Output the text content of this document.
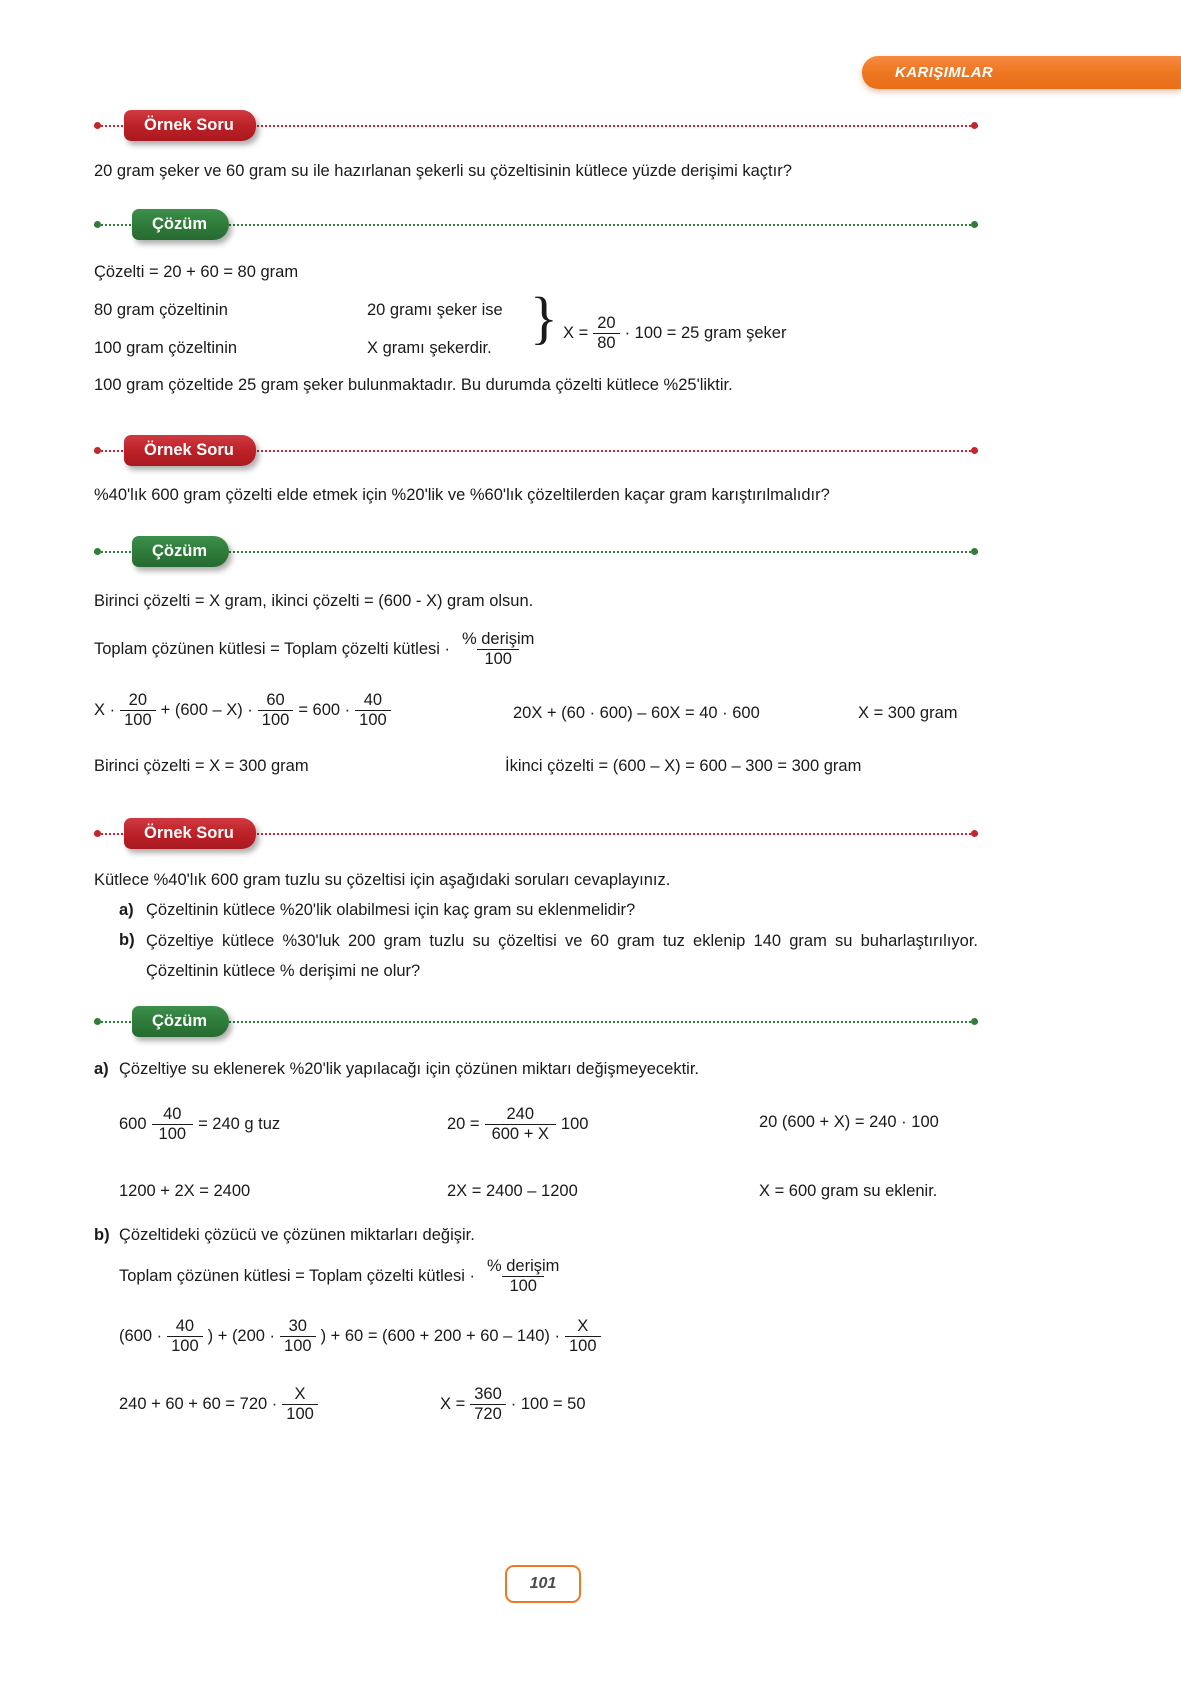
KARIŞIMLAR
Örnek Soru
20 gram şeker ve 60 gram su ile hazırlanan şekerli su çözeltisinin kütlece yüzde derişimi kaçtır?
Çözüm
Çözelti = 20 + 60 = 80 gram
80 gram çözeltinin	20 gramı şeker ise
100 gram çözeltinin	X gramı şekerdir. } $X = \frac{20}{80} \cdot 100 = 25$ gram şeker
100 gram çözeltide 25 gram şeker bulunmaktadır. Bu durumda çözelti kütlece %25'liktir.
Örnek Soru
%40'lık 600 gram çözelti elde etmek için %20'lik ve %60'lık çözeltilerden kaçar gram karıştırılmalıdır?
Çözüm
Birinci çözelti = X gram, ikinci çözelti = (600 - X) gram olsun.
Toplam çözünen kütlesi = Toplam çözelti kütlesi · $\frac{\text{\% derişim}}{100}$
$X \cdot \frac{20}{100} + (600 - X) \cdot \frac{60}{100} = 600 \cdot \frac{40}{100}$	20X + (60 · 600) – 60X = 40 · 600	X = 300 gram
Birinci çözelti = X = 300 gram	İkinci çözelti = (600 – X) = 600 – 300 = 300 gram
Örnek Soru
Kütlece %40'lık 600 gram tuzlu su çözeltisi için aşağıdaki soruları cevaplayınız.
a) Çözeltinin kütlece %20'lik olabilmesi için kaç gram su eklenmelidir?
b) Çözeltiye kütlece %30'luk 200 gram tuzlu su çözeltisi ve 60 gram tuz eklenip 140 gram su buharlaştırılıyor. Çözeltinin kütlece % derişimi ne olur?
Çözüm
a) Çözeltiye su eklenerek %20'lik yapılacağı için çözünen miktarı değişmeyecektir.
$600 \frac{40}{100} = 240$ g tuz	$20 = \frac{240}{600 + X} 100$	20 (600 + X) = 240 · 100
1200 + 2X = 2400	2X = 2400 – 1200	X = 600 gram su eklenir.
b) Çözeltideki çözücü ve çözünen miktarları değişir.
Toplam çözünen kütlesi = Toplam çözelti kütlesi · $\frac{\text{\% derişim}}{100}$
($600 \cdot \frac{40}{100}$ ) + ($200 \cdot \frac{30}{100}$ ) + $60 = (600 + 200 + 60 - 140) \cdot \frac{X}{100}$
$240 + 60 + 60 = 720 \cdot \frac{X}{100}$	$X = \frac{360}{720} \cdot 100 = 50$
101
